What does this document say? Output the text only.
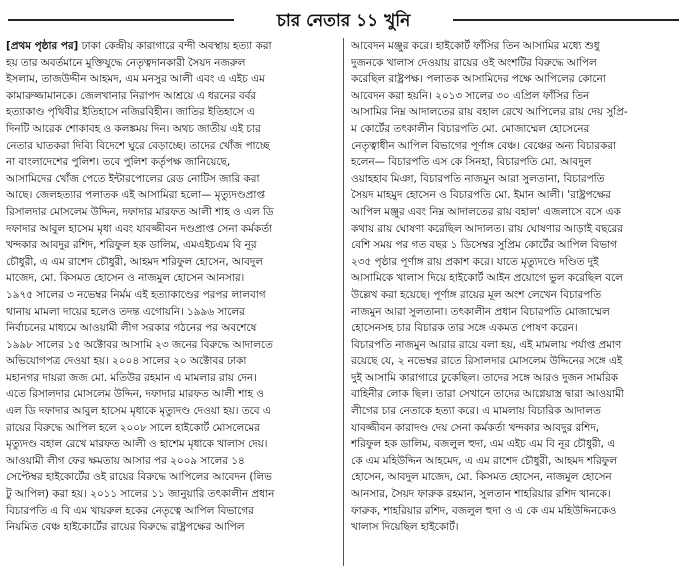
চার নেতার ১১ খুনি
[প্রথম পৃষ্ঠার পর] ঢাকা কেন্দ্রীয় কারাগারে বন্দী অবস্থায় হত্যা করা
হয় তার অবর্তমানে মুক্তিযুদ্ধে নেতৃত্বদানকারী সৈয়দ নজরুল
ইসলাম, তাজউদ্দীন আহমদ, এম মনসুর আলী এবং এ এইচ এম
কামারুজ্জামানকে। জেলখানার নিরাপদ আশ্রয়ে এ ধরনের বর্বর
হত্যাকাণ্ড পৃথিবীর ইতিহাসে নজিরবিহীন। জাতির ইতিহাসে এ
দিনটি আরেক শোকাবহ ও কলঙ্কময় দিন। অথচ জাতীয় এই চার
নেতার ঘাতকরা দিব্যি বিদেশে ঘুরে বেড়াচ্ছে। তাদের খোঁজ পাচ্ছে
না বাংলাদেশের পুলিশ। তবে পুলিশ কর্তৃপক্ষ জানিয়েছে,
আসামিদের খোঁজ পেতে ইন্টারপোলের রেড নোটিস জারি করা
আছে। জেলহত্যার পলাতক এই আসামিরা হলো— মৃত্যুদণ্ডপ্রাপ্ত
রিসালদার মোসলেম উদ্দিন, দফাদার মারফত আলী শাহ ও এল ডি
দফাদার আবুল হাসেম মৃধা এবং যাবজ্জীবন দণ্ডপ্রাপ্ত সেনা কর্মকর্তা
খন্দকার আবদুর রশিদ, শরিফুল হক ডালিম, এমএইচএম বি নূর
চৌধুরী, এ এম রাশেদ চৌধুরী, আহমদ শরিফুল হোসেন, আবদুল
মাজেদ, মো. কিসমত হোসেন ও নাজমুল হোসেন আনসার।
১৯৭৫ সালের ৩ নভেম্বর নির্মম এই হত্যাকাণ্ডের পরপর লালবাগ
থানায় মামলা দায়ের হলেও তদন্ত এগোয়নি। ১৯৯৬ সালের
নির্বাচনের মাধ্যমে আওয়ামী লীগ সরকার গঠনের পর অবশেষে
১৯৯৮ সালের ১৫ অক্টোবর আসামি ২৩ জনের বিরুদ্ধে আদালতে
অভিযোগপত্র দেওয়া হয়। ২০০৪ সালের ২০ অক্টোবর ঢাকা
মহানগর দায়রা জজ মো. মতিউর রহমান এ মামলার রায় দেন।
এতে রিসালদার মোসলেম উদ্দিন, দফাদার মারফত আলী শাহ ও
এল ডি দফাদার আবুল হাসেম মৃধাকে মৃত্যুদণ্ড দেওয়া হয়। তবে এ
রায়ের বিরুদ্ধে আপিল হলে ২০০৮ সালে হাইকোর্ট মোসলেমের
মৃত্যুদণ্ড বহাল রেখে মারফত আলী ও হাশেম মৃধাকে খালাস দেয়।
আওয়ামী লীগ ফের ক্ষমতায় আসার পর ২০০৯ সালের ১৪
সেপ্টেম্বর হাইকোর্টের ওই রায়ের বিরুদ্ধে আপিলের আবেদন (লিভ
টু আপিল) করা হয়। ২০১১ সালের ১১ জানুয়ারি তৎকালীন প্রধান
বিচারপতি এ বি এম খায়রুল হকের নেতৃত্বে আপিল বিভাগের
নিয়মিত বেঞ্চ হাইকোর্টের রায়ের বিরুদ্ধে রাষ্ট্রপক্ষের আপিল
আবেদন মঞ্জুর করে। হাইকোর্ট ফাঁসির তিন আসামির মধ্যে শুধু
দুজনকে খালাস দেওয়ায় রায়ের ওই অংশটির বিরুদ্ধে আপিল
করেছিল রাষ্ট্রপক্ষ। পলাতক আসামিদের পক্ষে আপিলের কোনো
আবেদন করা হয়নি। ২০১৩ সালের ৩০ এপ্রিল ফাঁসির তিন
আসামির নিম্ন আদালতের রায় বহাল রেখে আপিলের রায় দেয় সুপ্রি-
ম কোর্টের তৎকালীন বিচারপতি মো. মোজাম্মেল হোসেনের
নেতৃত্বাধীন আপিল বিভাগের পূর্ণাঙ্গ বেঞ্চ। বেঞ্চের অন্য বিচারকরা
হলেন— বিচারপতি এস কে সিনহা, বিচারপতি মো. আবদুল
ওয়াহহাব মিঞা, বিচারপতি নাজমুন আরা সুলতানা, বিচারপতি
সৈয়দ মাহমুদ হোসেন ও বিচারপতি মো. ইমান আলী। 'রাষ্ট্রপক্ষের
আপিল মঞ্জুর এবং নিম্ন আদালতের রায় বহাল' এজলাসে বসে এক
কথায় রায় ঘোষণা করেছিল আদালত। রায় ঘোষণার আড়াই বছরের
বেশি সময় পর গত বছর ১ ডিসেম্বর সুপ্রিম কোর্টের আপিল বিভাগ
২৩৫ পৃষ্ঠার পূর্ণাঙ্গ রায় প্রকাশ করে। যাতে মৃত্যুদণ্ডে দণ্ডিত দুই
আসামিকে খালাস দিয়ে হাইকোর্ট আইন প্রয়োগে ভুল করেছিল বলে
উল্লেখ করা হয়েছে। পূর্ণাঙ্গ রায়ের মূল অংশ লেখেন বিচারপতি
নাজমুন আরা সুলতানা। তৎকালীন প্রধান বিচারপতি মোজাম্মেল
হোসেনসহ চার বিচারক তার সঙ্গে একমত পোষণ করেন।
বিচারপতি নাজমুন আরার রায়ে বলা হয়, এই মামলায় পর্যাপ্ত প্রমাণ
রয়েছে যে, ২ নভেম্বর রাতে রিসালদার মোসলেম উদ্দিনের সঙ্গে এই
দুই আসামি কারাগারে ঢুকেছিল। তাদের সঙ্গে আরও দুজন সামরিক
বাহিনীর লোক ছিল। তারা সেখানে তাদের আগ্নেয়াস্ত্র দ্বারা আওয়ামী
লীগের চার নেতাকে হত্যা করে। এ মামলায় বিচারিক আদালত
যাবজ্জীবন কারাদণ্ড দেয় সেনা কর্মকর্তা খন্দকার আবদুর রশিদ,
শরিফুল হক ডালিম, বজলুল হুদা, এম এইচ এম বি নূর চৌধুরী, এ
কে এম মহিউদ্দিন আহমেদ, এ এম রাশেদ চৌধুরী, আহমদ শরিফুল
হোসেন, আবদুল মাজেদ, মো. কিসমত হোসেন, নাজমুল হোসেন
আনসার, সৈয়দ ফারুক রহমান, সুলতান শাহরিয়ার রশিদ খানকে।
ফারুক, শাহরিয়ার রশিদ, বজলুল হুদা ও এ কে এম মহিউদ্দিনকেও
খালাস দিয়েছিল হাইকোর্ট।
